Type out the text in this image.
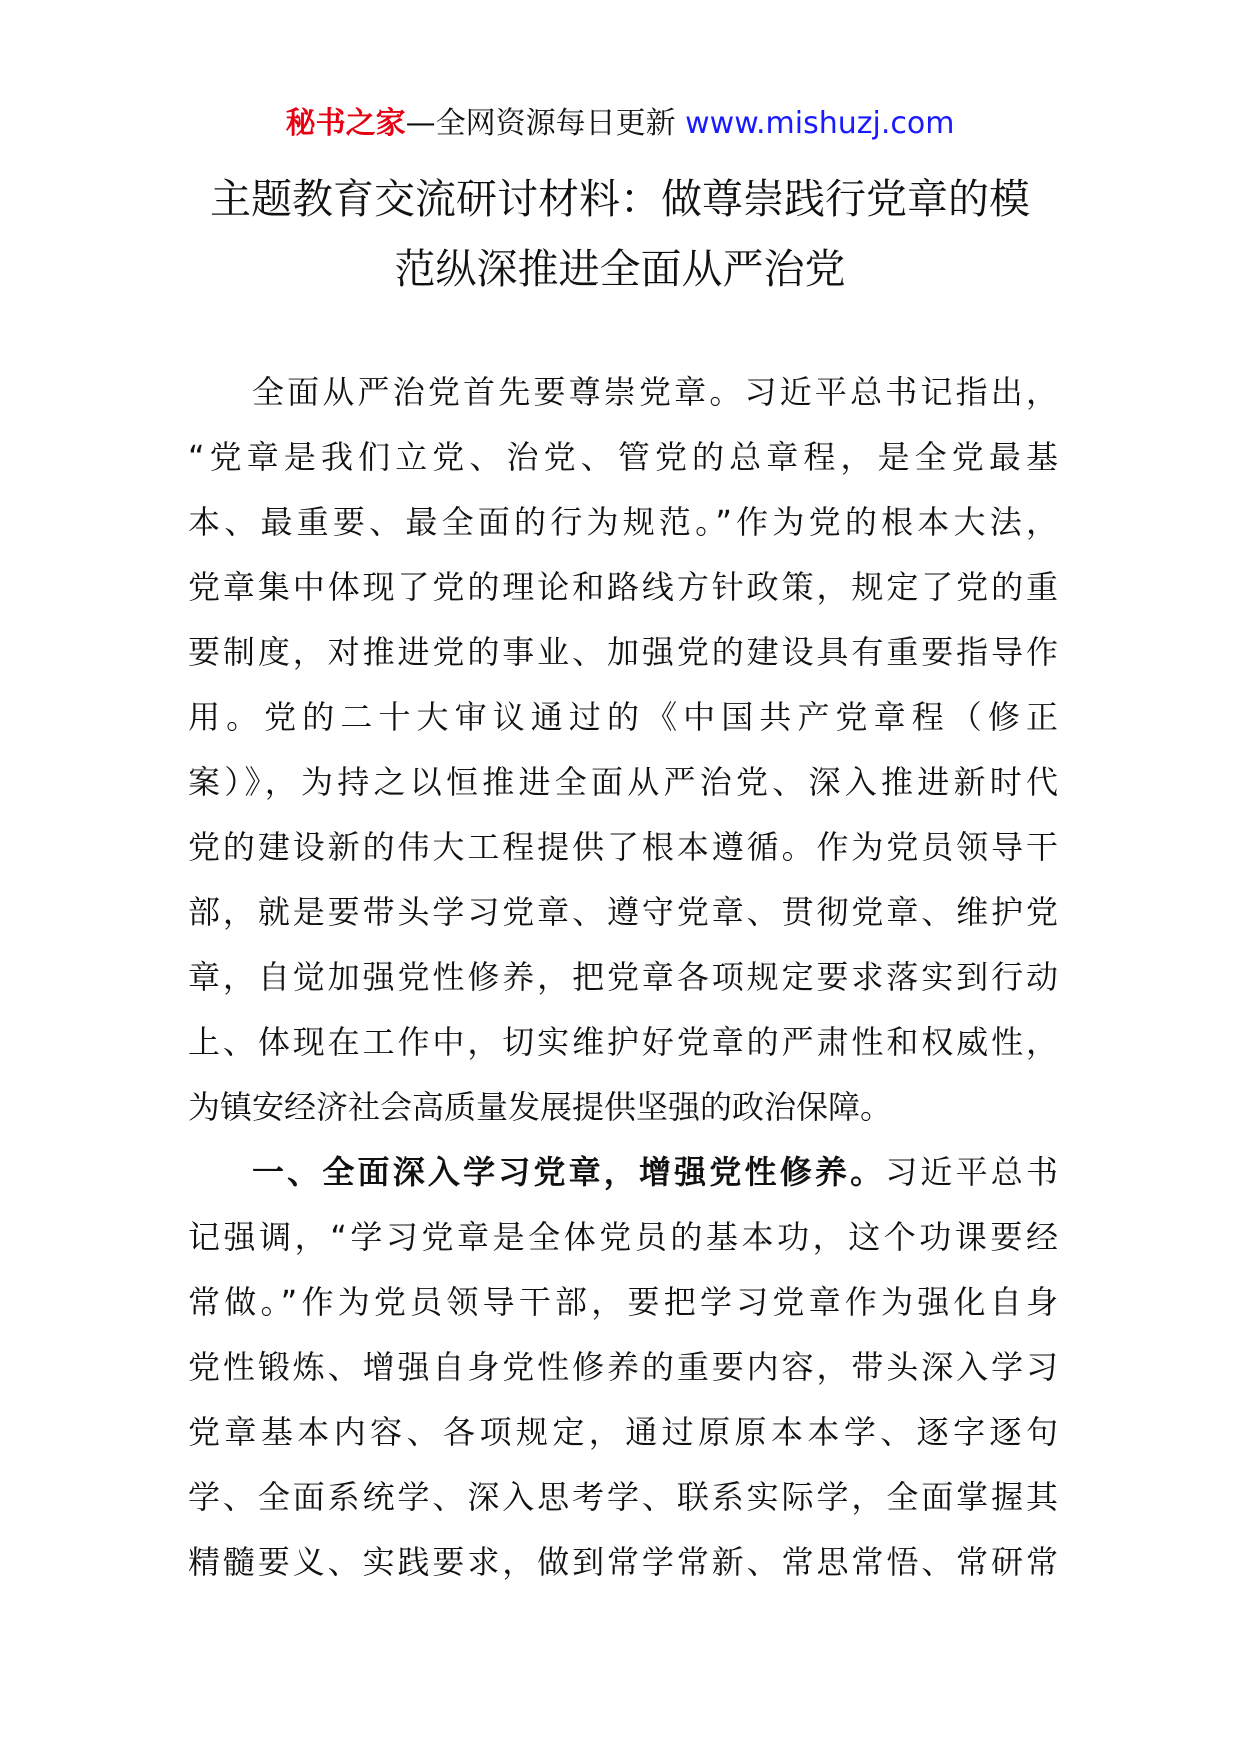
秘书之家—全网资源每日更新 www.mishuzj.com
主题教育交流研讨材料：做尊崇践行党章的模
范纵深推进全面从严治党
全面从严治党首先要尊崇党章。习近平总书记指出，
“党章是我们立党、治党、管党的总章程，是全党最基
本、最重要、最全面的行为规范。”作为党的根本大法，
党章集中体现了党的理论和路线方针政策，规定了党的重
要制度，对推进党的事业、加强党的建设具有重要指导作
用。党的二十大审议通过的《中国共产党章程（修正
案）》，为持之以恒推进全面从严治党、深入推进新时代
党的建设新的伟大工程提供了根本遵循。作为党员领导干
部，就是要带头学习党章、遵守党章、贯彻党章、维护党
章，自觉加强党性修养，把党章各项规定要求落实到行动
上、体现在工作中，切实维护好党章的严肃性和权威性，
为镇安经济社会高质量发展提供坚强的政治保障。
一、全面深入学习党章，增强党性修养。习近平总书
记强调，“学习党章是全体党员的基本功，这个功课要经
常做。”作为党员领导干部，要把学习党章作为强化自身
党性锻炼、增强自身党性修养的重要内容，带头深入学习
党章基本内容、各项规定，通过原原本本学、逐字逐句
学、全面系统学、深入思考学、联系实际学，全面掌握其
精髓要义、实践要求，做到常学常新、常思常悟、常研常
